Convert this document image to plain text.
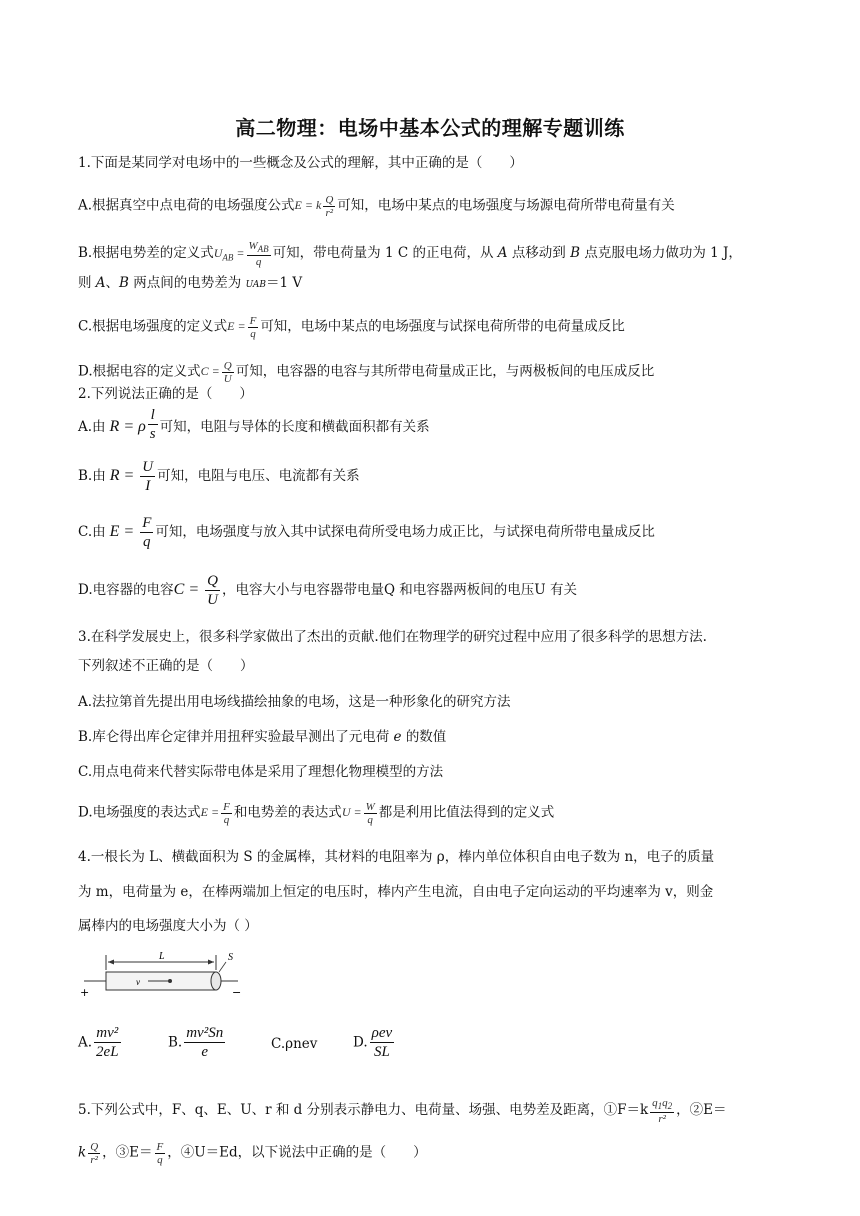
高二物理：电场中基本公式的理解专题训练
1.下面是某同学对电场中的一些概念及公式的理解，其中正确的是（　　）
A.根据真空中点电荷的电场强度公式E = k $\frac{Q}{\text{r²}}$ 可知，电场中某点的电场强度与场源电荷所带电荷量有关
B.根据电势差的定义式$U_{AB} = \frac{W_{AB}}{q}$ 可知，带电荷量为 1 C 的正电荷，从 A 点移动到 B 点克服电场力做功为 1 J，
则 A、B 两点间的电势差为 UAB＝1 V
C.根据电场强度的定义式$E = \frac{F}{q}$ 可知，电场中某点的电场强度与试探电荷所带的电荷量成反比
D.根据电容的定义式$C = \frac{Q}{U}$ 可知，电容器的电容与其所带电荷量成正比，与两极板间的电压成反比
2.下列说法正确的是（　　）
A.由 R = ρ $\frac{l}{s}$ 可知，电阻与导体的长度和横截面积都有关系
B.由 $R = \frac{U}{I}$ 可知，电阻与电压、电流都有关系
C.由 $E = \frac{F}{q}$ 可知，电场强度与放入其中试探电荷所受电场力成正比，与试探电荷所带电量成反比
D.电容器的电容$C = \frac{Q}{U}$ ，电容大小与电容器带电量Q 和电容器两板间的电压U 有关
3.在科学发展史上，很多科学家做出了杰出的贡献.他们在物理学的研究过程中应用了很多科学的思想方法.
下列叙述不正确的是（　　）
A.法拉第首先提出用电场线描绘抽象的电场，这是一种形象化的研究方法
B.库仑得出库仑定律并用扭秤实验最早测出了元电荷 e 的数值
C.用点电荷来代替实际带电体是采用了理想化物理模型的方法
D.电场强度的表达式$E = \frac{F}{q}$ 和电势差的表达式$U = \frac{W}{q}$ 都是利用比值法得到的定义式
4.一根长为 L、横截面积为 S 的金属棒，其材料的电阻率为 ρ，棒内单位体积自由电子数为 n，电子的质量
为 m，电荷量为 e，在棒两端加上恒定的电压时，棒内产生电流，自由电子定向运动的平均速率为 v，则金
属棒内的电场强度大小为（ ）
L	S
v
+	−
A. $\frac{\text{mv²}}{2eL}$	B. $\frac{\text{mv²Sn}}{e}$	C.ρnev	D. $\frac{\text{ρev}}{SL}$
5.下列公式中，F、q、E、U、r 和 d 分别表示静电力、电荷量、场强、电势差及距离，①F＝k $\frac{q_1q_2}{\text{r²}}$ ，②E＝
k $\frac{Q}{\text{r²}}$ ，③E＝ $\frac{F}{q}$ ，④U＝Ed，以下说法中正确的是（　　）
